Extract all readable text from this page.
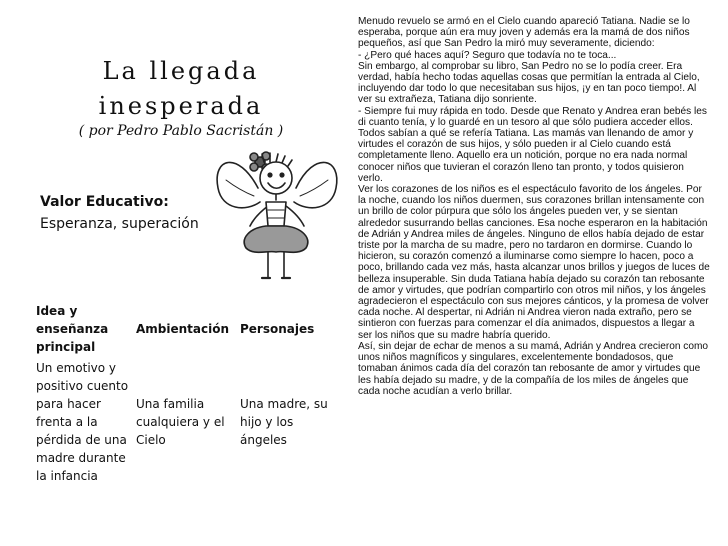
La llegada
inesperada
( por Pedro Pablo Sacristán )
Valor Educativo:
Esperanza, superación
Idea y enseñanza principal	Ambientación	Personajes
Un emotivo y positivo cuento para hacer frenta a la pérdida de una madre durante la infancia	Una familia cualquiera y el Cielo	Una madre, su hijo y los ángeles

Menudo revuelo se armó en el Cielo cuando apareció Tatiana. Nadie se lo esperaba, porque aún era muy joven y además era la mamá de dos niños pequeños, así que San Pedro la miró muy severamente, diciendo:

- ¿Pero qué haces aquí? Seguro que todavía no te toca...

Sin embargo, al comprobar su libro, San Pedro no se lo podía creer. Era verdad, había hecho todas aquellas cosas que permitían la entrada al Cielo, incluyendo dar todo lo que necesitaban sus hijos, ¡y en tan poco tiempo!. Al ver su extrañeza, Tatiana dijo sonriente.

- Siempre fui muy rápida en todo. Desde que Renato y Andrea eran bebés les di cuanto tenía, y lo guardé en un tesoro al que sólo pudiera acceder ellos.

Todos sabían a qué se refería Tatiana. Las mamás van llenando de amor y virtudes el corazón de sus hijos, y sólo pueden ir al Cielo cuando está completamente lleno. Aquello era un notición, porque no era nada normal conocer niños que tuvieran el corazón lleno tan pronto, y todos quisieron verlo.

Ver los corazones de los niños es el espectáculo favorito de los ángeles. Por la noche, cuando los niños duermen, sus corazones brillan intensamente con un brillo de color púrpura que sólo los ángeles pueden ver, y se sientan alrededor susurrando bellas canciones. Esa noche esperaron en la habitación de Adrián y Andrea miles de ángeles. Ninguno de ellos había dejado de estar triste por la marcha de su madre, pero no tardaron en dormirse. Cuando lo hicieron, su corazón comenzó a iluminarse como siempre lo hacen, poco a poco, brillando cada vez más, hasta alcanzar unos brillos y juegos de luces de belleza insuperable. Sin duda Tatiana había dejado su corazón tan rebosante de amor y virtudes, que podrían compartirlo con otros mil niños, y los ángeles agradecieron el espectáculo con sus mejores cánticos, y la promesa de volver cada noche. Al despertar, ni Adrián ni Andrea vieron nada extraño, pero se sintieron con fuerzas para comenzar el día animados, dispuestos a llegar a ser los niños que su madre habría querido.

Así, sin dejar de echar de menos a su mamá, Adrián y Andrea crecieron como unos niños magníficos y singulares, excelentemente bondadosos, que tomaban ánimos cada día del corazón tan rebosante de amor y virtudes que les había dejado su madre, y de la compañía de los miles de ángeles que cada noche acudían a verlo brillar.
